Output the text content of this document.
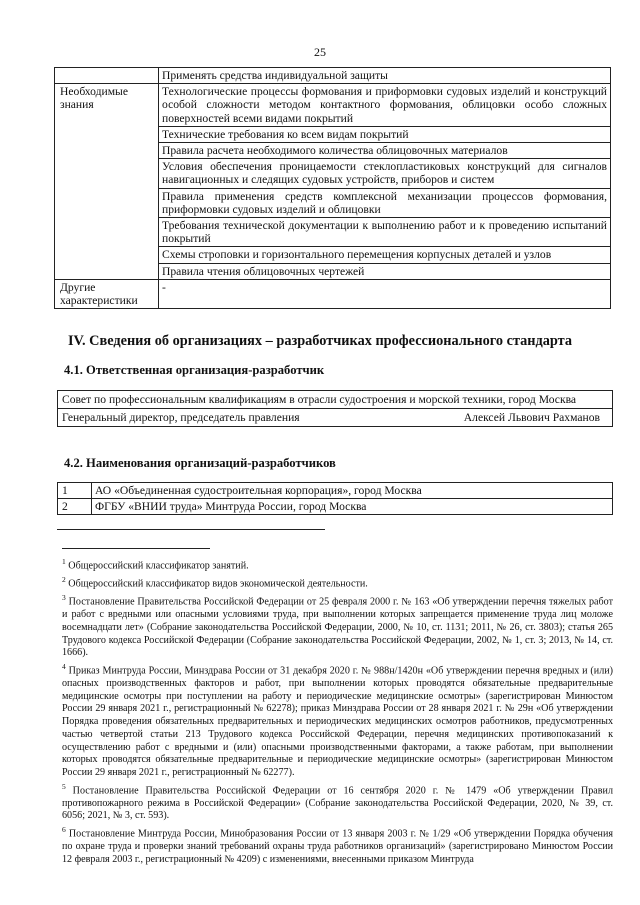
25
	Применять средства индивидуальной защиты
Необходимые знания	Технологические процессы формования и приформовки судовых изделий и конструкций особой сложности методом контактного формования, облицовки особо сложных поверхностей всеми видами покрытий
	Технические требования ко всем видам покрытий
	Правила расчета необходимого количества облицовочных материалов
	Условия обеспечения проницаемости стеклопластиковых конструкций для сигналов навигационных и следящих судовых устройств, приборов и систем
	Правила применения средств комплексной механизации процессов формования, приформовки судовых изделий и облицовки
	Требования технической документации к выполнению работ и к проведению испытаний покрытий
	Схемы строповки и горизонтального перемещения корпусных деталей и узлов
	Правила чтения облицовочных чертежей
Другие характеристики	-
IV. Сведения об организациях – разработчиках профессионального стандарта
4.1. Ответственная организация-разработчик
Совет по профессиональным квалификациям в отрасли судостроения и морской техники, город Москва

Генеральный директор, председатель правления	Алексей Львович Рахманов
4.2. Наименования организаций-разработчиков
1	АО «Объединенная судостроительная корпорация», город Москва
2	ФГБУ «ВНИИ труда» Минтруда России, город Москва

$^1$ Общероссийский классификатор занятий.

$^2$ Общероссийский классификатор видов экономической деятельности.

$^3$ Постановление Правительства Российской Федерации от 25 февраля 2000 г. № 163 «Об утверждении перечня тяжелых работ и работ с вредными или опасными условиями труда, при выполнении которых запрещается применение труда лиц моложе восемнадцати лет» (Собрание законодательства Российской Федерации, 2000, № 10, ст. 1131; 2011, № 26, ст. 3803); статья 265 Трудового кодекса Российской Федерации (Собрание законодательства Российской Федерации, 2002, № 1, ст. 3; 2013, № 14, ст. 1666).

$^4$ Приказ Минтруда России, Минздрава России от 31 декабря 2020 г. № 988н/1420н «Об утверждении перечня вредных и (или) опасных производственных факторов и работ, при выполнении которых проводятся обязательные предварительные медицинские осмотры при поступлении на работу и периодические медицинские осмотры» (зарегистрирован Минюстом России 29 января 2021 г., регистрационный № 62278); приказ Минздрава России от 28 января 2021 г. № 29н «Об утверждении Порядка проведения обязательных предварительных и периодических медицинских осмотров работников, предусмотренных частью четвертой статьи 213 Трудового кодекса Российской Федерации, перечня медицинских противопоказаний к осуществлению работ с вредными и (или) опасными производственными факторами, а также работам, при выполнении которых проводятся обязательные предварительные и периодические медицинские осмотры» (зарегистрирован Минюстом России 29 января 2021 г., регистрационный № 62277).

$^5$ Постановление Правительства Российской Федерации от 16 сентября 2020 г. № 1479 «Об утверждении Правил противопожарного режима в Российской Федерации» (Собрание законодательства Российской Федерации, 2020, № 39, ст. 6056; 2021, № 3, ст. 593).

$^6$ Постановление Минтруда России, Минобразования России от 13 января 2003 г. № 1/29 «Об утверждении Порядка обучения по охране труда и проверки знаний требований охраны труда работников организаций» (зарегистрировано Минюстом России 12 февраля 2003 г., регистрационный № 4209) с изменениями, внесенными приказом Минтруда
